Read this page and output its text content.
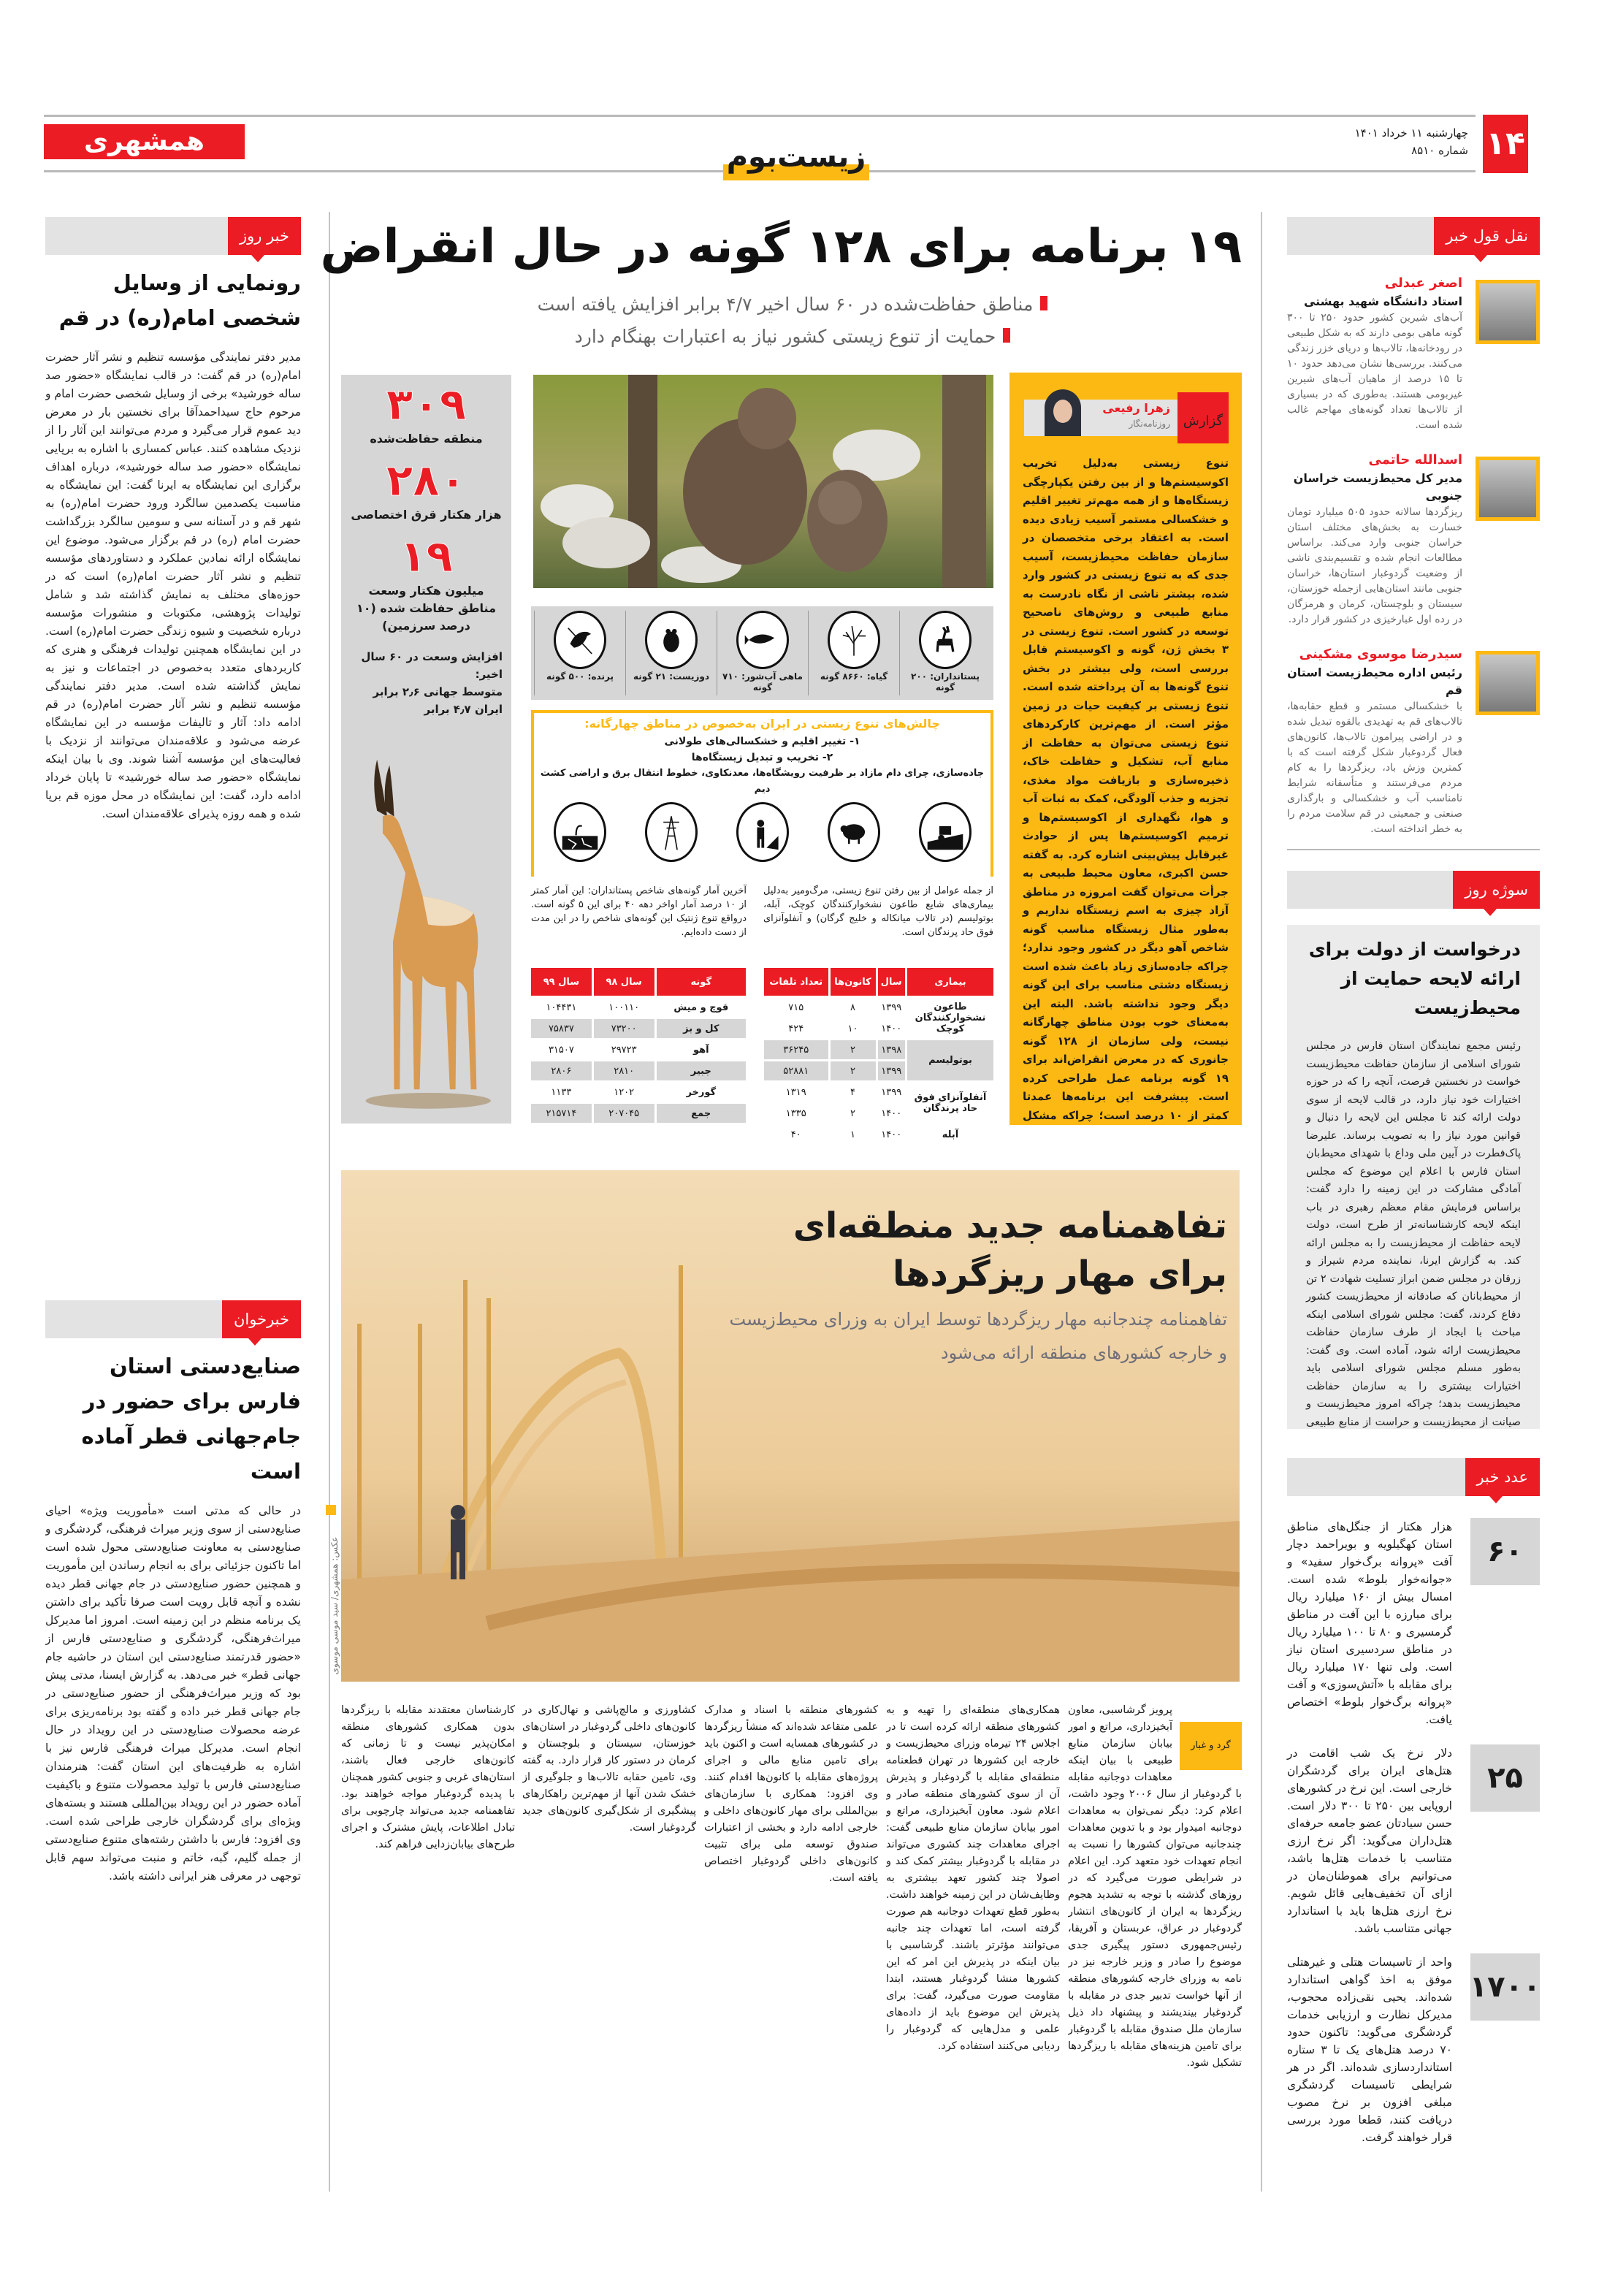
۱۴
چهارشنبه ۱۱ خرداد ۱۴۰۱
شماره ۸۵۱۰
همشهری	زیست‌بوم
۱۹ برنامه برای ۱۲۸ گونه در حال انقراض
مناطق حفاظت‌شده در ۶۰ سال اخیر ۴/۷ برابر افزایش یافته است
حمایت از تنوع زیستی کشور نیاز به اعتبارات بهنگام دارد
۳۰۹
منطقه حفاظت‌شده
۲۸۰
هزار هکتار قرق اختصاصی
۱۹
میلیون هکتار وسعت مناطق حفاظت شده (۱۰ درصد سرزمین)
افزایش وسعت در ۶۰ سال اخیر:
متوسط جهانی ۲٫۶ برابر
ایران ۴٫۷ برابر
پستانداران: ۲۰۰ گونه
گیاه: ۸۶۶۰ گونه
ماهی آب‌شور: ۷۱۰ گونه
دوزیست: ۲۱ گونه
پرنده: ۵۰۰ گونه
چالش‌های تنوع زیستی در ایران به‌خصوص در مناطق چهارگانه:
۱- تغییر اقلیم و خشکسالی‌های طولانی
۲- تخریب و تبدیل زیستگاه‌ها
جاده‌سازی، چرای دام مازاد بر ظرفیت رویشگاه‌ها، معدنکاوی، خطوط انتقال برق و اراضی کشت دیم
از جمله عوامل از بین رفتن تنوع زیستی، مرگ‌ومیر به‌دلیل بیماری‌های شایع طاعون نشخوارکنندگان کوچک، آبله، بوتولیسم (در تالاب میانکاله و خلیج گرگان) و آنفلوآنزای فوق حاد پرندگان است.
آخرین آمار گونه‌های شاخص پستانداران: این آمار کمتر از ۱۰ درصد آمار اواخر دهه ۴۰ برای این ۵ گونه است. درواقع تنوع ژنتیک این گونه‌های شاخص را در این مدت از دست داده‌ایم.
بیماری	سال	کانون‌ها	تعداد تلفات
طاعون نشخوارکنندگان کوچک	۱۳۹۹	۸	۷۱۵
	۱۴۰۰	۱۰	۴۲۴
بوتولیسم	۱۳۹۸	۲	۳۶۲۴۵
	۱۳۹۹	۲	۵۲۸۸۱
آنفلوآنزای فوق حاد پرندگان	۱۳۹۹	۴	۱۳۱۹
	۱۴۰۰	۲	۱۳۳۵
آبله	۱۴۰۰	۱	۴۰
گونه	سال ۹۸	سال ۹۹
قوچ و میش	۱۰۰۱۱۰	۱۰۴۴۳۱
کل و بز	۷۳۲۰۰	۷۵۸۳۷
آهو	۲۹۷۲۳	۳۱۵۰۷
جبیر	۲۸۱۰	۲۸۰۶
گورخر	۱۲۰۲	۱۱۳۳
جمع	۲۰۷۰۴۵	۲۱۵۷۱۴
گزارش
زهرا رفیعی
روزنامه‌نگار
تنوع زیستی به‌دلیل تخریب اکوسیستم‌ها و از بین رفتن یکپارچگی زیستگاه‌ها و از همه مهم‌تر تغییر اقلیم و خشکسالی مستمر آسیب زیادی دیده است. به اعتقاد برخی متخصصان در سازمان حفاظت محیط‌زیست، آسیب جدی که به تنوع زیستی در کشور وارد شده، بیشتر ناشی از نگاه نادرست به منابع طبیعی و روش‌های ناصحیح توسعه در کشور است. تنوع زیستی در ۳ بخش ژن، گونه و اکوسیستم قابل بررسی است، ولی بیشتر در بخش تنوع گونه‌ها به آن پرداخته شده است. تنوع زیستی بر کیفیت حیات در زمین مؤثر است. از مهم‌ترین کارکردهای تنوع زیستی می‌توان به حفاظت از منابع آب، تشکیل و حفاظت خاک، ذخیره‌سازی و بازیافت مواد مغذی، تجزیه و جذب آلودگی، کمک به ثبات آب و هوا، نگهداری از اکوسیستم‌ها و ترمیم اکوسیستم‌ها پس از حوادث غیرقابل پیش‌بینی اشاره کرد. به گفته حسن اکبری، معاون محیط طبیعی به جرأت می‌توان گفت امروزه در مناطق آزاد چیزی به اسم زیستگاه نداریم و به‌طور مثال زیستگاه مناسب گونه شاخص آهو دیگر در کشور وجود ندارد؛ چراکه جاده‌سازی زیاد باعث شده است زیستگاه دشتی مناسب برای این گونه دیگر وجود نداشته باشد. البته این به‌معنای خوب بودن مناطق چهارگانه نیست، ولی سازمان از ۱۲۸ گونه جانوری که در معرض انقراض‌اند برای ۱۹ گونه برنامه عمل طراحی کرده است. پیشرفت این برنامه‌ها عمدتا کمتر از ۱۰ درصد است؛ چراکه مشکل
تفاهمنامه جدید منطقه‌ای
برای مهار ریزگردها
تفاهمنامه چندجانبه مهار ریزگردها توسط ایران به وزرای محیط‌زیست و خارجه کشورهای منطقه ارائه می‌شود
عکس: همشهری/ سید موسی موسوی
گرد و غبار
پرویز گرشاسبی، معاون آبخیزداری، مراتع و امور بیابان سازمان منابع طبیعی با بیان اینکه معاهدات دوجانبه مقابله با گردوغبار از سال ۲۰۰۶ وجود داشت، اعلام کرد: دیگر نمی‌توان به معاهدات دوجانبه امیدوار بود و با تدوین معاهدات چندجانبه می‌توان کشورها را نسبت به انجام تعهدات خود متعهد کرد. این اعلام در شرایطی صورت می‌گیرد که در روزهای گذشته با توجه به تشدید هجوم ریزگردها به ایران از کانون‌های انتشار گردوغبار در عراق، عربستان و آفریقا، رئیس‌جمهوری دستور پیگیری جدی موضوع را صادر و وزیر خارجه نیز در نامه به وزرای خارجه کشورهای منطقه از آنها خواست تدبیر جدی در مقابله با گردوغبار بیندیشند و پیشنهاد داد ذیل سازمان ملل صندوق مقابله با گردوغبار برای تامین هزینه‌های مقابله با ریزگردها تشکیل شود.
همکاری‌های منطقه‌ای را تهیه و به کشورهای منطقه ارائه کرده است تا در اجلاس ۲۴ تیرماه وزرای محیط‌زیست و خارجه این کشورها در تهران قطعنامه منطقه‌ای مقابله با گردوغبار و پذیرش آن از سوی کشورهای منطقه صادر و اعلام شود. معاون آبخیزداری، مراتع و امور بیابان سازمان منابع طبیعی گفت: اجرای معاهدات چند کشوری می‌تواند در مقابله با گردوغبار بیشتر کمک کند و اصولا چند کشور تعهد بیشتری به وظایف‌شان در این زمینه خواهند داشت. به‌طور قطع تعهدات دوجانبه هم صورت گرفته است، اما تعهدات چند جانبه می‌توانند مؤثرتر باشند. گرشاسبی با بیان اینکه در پذیرش این امر که این کشورها منشا گردوغبار هستند، ابتدا مقاومت صورت می‌گیرد، گفت: برای پذیرش این موضوع باید از داده‌های علمی و مدل‌هایی که گردوغبار را ردیابی می‌کنند استفاده کرد.
کشورهای منطقه با اسناد و مدارک علمی متقاعد شده‌اند که منشأ ریزگردها در کشورهای همسایه است و اکنون باید برای تامین منابع مالی و اجرای پروژه‌های مقابله با کانون‌ها اقدام کنند. وی افزود: همکاری با سازمان‌های بین‌المللی برای مهار کانون‌های داخلی و خارجی ادامه دارد و بخشی از اعتبارات صندوق توسعه ملی برای تثبیت کانون‌های داخلی گردوغبار اختصاص یافته است.
کشاورزی و مالچ‌پاشی و نهال‌کاری در کانون‌های داخلی گردوغبار در استان‌های خوزستان، سیستان و بلوچستان و کرمان در دستور کار قرار دارد. به گفته وی، تامین حقابه تالاب‌ها و جلوگیری از خشک شدن آنها از مهم‌ترین راهکارهای پیشگیری از شکل‌گیری کانون‌های جدید گردوغبار است.
کارشناسان معتقدند مقابله با ریزگردها بدون همکاری کشورهای منطقه امکان‌پذیر نیست و تا زمانی که کانون‌های خارجی فعال باشند، استان‌های غربی و جنوبی کشور همچنان با پدیده گردوغبار مواجه خواهند بود. تفاهمنامه جدید می‌تواند چارچوبی برای تبادل اطلاعات، پایش مشترک و اجرای طرح‌های بیابان‌زدایی فراهم کند.
خبر روز
رونمایی از وسایل شخصی امام(ره) در قم
مدیر دفتر نمایندگی مؤسسه تنظیم و نشر آثار حضرت امام(ره) در قم گفت: در قالب نمایشگاه «حضور صد ساله خورشید» برخی از وسایل شخصی حضرت امام و مرحوم حاج سیداحمدآقا برای نخستین بار در معرض دید عموم قرار می‌گیرد و مردم می‌توانند این آثار را از نزدیک مشاهده کنند. عباس کمساری با اشاره به برپایی نمایشگاه «حضور صد ساله خورشید»، درباره اهداف برگزاری این نمایشگاه به ایرنا گفت: این نمایشگاه به مناسبت یکصدمین سالگرد ورود حضرت امام(ره) به شهر قم و در آستانه سی و سومین سالگرد بزرگداشت حضرت امام (ره) در قم برگزار می‌شود. موضوع این نمایشگاه ارائه نمادین عملکرد و دستاوردهای مؤسسه تنظیم و نشر آثار حضرت امام(ره) است که در حوزه‌های مختلف به نمایش گذاشته شد و شامل تولیدات پژوهشی، مکتوبات و منشورات مؤسسه درباره شخصیت و شیوه زندگی حضرت امام(ره) است. در این نمایشگاه همچنین تولیدات فرهنگی و هنری که کاربردهای متعدد به‌خصوص در اجتماعات و نیز به نمایش گذاشته شده است. مدیر دفتر نمایندگی مؤسسه تنظیم و نشر آثار حضرت امام(ره) در قم ادامه داد: آثار و تالیفات مؤسسه در این نمایشگاه عرضه می‌شود و علاقه‌مندان می‌توانند از نزدیک با فعالیت‌های این مؤسسه آشنا شوند. وی با بیان اینکه نمایشگاه «حضور صد ساله خورشید» تا پایان خرداد ادامه دارد، گفت: این نمایشگاه در محل موزه قم برپا شده و همه روزه پذیرای علاقه‌مندان است.
خبرخوان
صنایع‌دستی استان فارس برای حضور در جام‌جهانی قطر آماده است
در حالی که مدتی است «مأموریت ویژه» احیای صنایع‌دستی از سوی وزیر میراث فرهنگی، گردشگری و صنایع‌دستی به معاونت صنایع‌دستی محول شده است اما تاکنون جزئیاتی برای به انجام رساندن این مأموریت و همچنین حضور صنایع‌دستی در جام جهانی قطر دیده نشده و آنچه قابل رویت است صرفا تأکید برای داشتن یک برنامه منظم در این زمینه است. امروز اما مدیرکل میراث‌فرهنگی، گردشگری و صنایع‌دستی فارس از «حضور قدرتمند صنایع‌دستی این استان در حاشیه جام جهانی قطر» خبر می‌دهد. به گزارش ایسنا، مدتی پیش بود که وزیر میراث‌فرهنگی از حضور صنایع‌دستی در جام جهانی قطر خبر داده و گفته بود برنامه‌ریزی برای عرضه محصولات صنایع‌دستی در این رویداد در حال انجام است. مدیرکل میراث فرهنگی فارس نیز با اشاره به ظرفیت‌های این استان گفت: هنرمندان صنایع‌دستی فارس با تولید محصولات متنوع و باکیفیت آماده حضور در این رویداد بین‌المللی هستند و بسته‌های ویژه‌ای برای گردشگران خارجی طراحی شده است. وی افزود: فارس با داشتن رشته‌های متنوع صنایع‌دستی از جمله گلیم، گبه، خاتم و منبت می‌تواند سهم قابل توجهی در معرفی هنر ایرانی داشته باشد.
نقل قول خبر
اصغر عبدلی
استاد دانشگاه شهید بهشتی
آب‌های شیرین کشور حدود ۲۵۰ تا ۳۰۰ گونه ماهی بومی دارند که به شکل طبیعی در رودخانه‌ها، تالاب‌ها و دریای خزر زندگی می‌کنند. بررسی‌ها نشان می‌دهد حدود ۱۰ تا ۱۵ درصد از ماهیان آب‌های شیرین غیربومی هستند. به‌طوری که در بسیاری از تالاب‌ها تعداد گونه‌های مهاجم غالب شده است.
اسدالله حاتمی
مدیر کل محیط‌زیست خراسان جنوبی
ریزگردها سالانه حدود ۵۰۵ میلیارد تومان خسارت به بخش‌های مختلف استان خراسان جنوبی وارد می‌کند. براساس مطالعات انجام شده و تقسیم‌بندی ناشی از وضعیت گردوغبار استان‌ها، خراسان جنوبی مانند استان‌هایی ازجمله خوزستان، سیستان و بلوچستان، کرمان و هرمزگان در رده اول غبارخیزی در کشور قرار دارد.
سیدرضا موسوی مشکینی
رئیس اداره محیط‌زیست استان قم
با خشکسالی مستمر و قطع حقابه‌ها، تالاب‌های قم به تهدیدی بالقوه تبدیل شده و در اراضی پیرامون تالاب‌ها، کانون‌های فعال گردوغبار شکل گرفته است که با کمترین وزش باد، ریزگردها را به کام مردم می‌فرستند و متأسفانه شرایط نامناسب آب و خشکسالی و بارگذاری صنعتی و جمعیتی در قم سلامت مردم را به خطر انداخته است.
سوژه روز
درخواست از دولت برای ارائه لایحه حمایت از محیط‌زیست
رئیس مجمع نمایندگان استان فارس در مجلس شورای اسلامی از سازمان حفاظت محیط‌زیست خواست در نخستین فرصت، آنچه را که در حوزه اختیارات خود نیاز دارد، در قالب لایحه از سوی دولت ارائه کند تا مجلس این لایحه را دنبال و قوانین مورد نیاز را به تصویب برساند. علیرضا پاک‌فطرت در آیین ملی وداع با شهدای محیط‌بان استان فارس با اعلام این موضوع که مجلس آمادگی مشارکت در این زمینه را دارد گفت: براساس فرمایش مقام معظم رهبری در باب اینکه لایحه کارشناسانه‌تر از طرح است، دولت لایحه حفاظت از محیط‌زیست را به مجلس ارائه کند. به گزارش ایرنا، نماینده مردم شیراز و زرقان در مجلس ضمن ابراز تسلیت شهادت ۲ تن از محیط‌بانان که صادقانه از محیط‌زیست کشور دفاع کردند، گفت: مجلس شورای اسلامی اینکه مباحث با ایجاد از طرف سازمان حفاظت محیط‌زیست ارائه شود، آماده است. وی گفت: به‌طور مسلم مجلس شورای اسلامی باید اختیارات بیشتری را به سازمان حفاظت محیط‌زیست بدهد؛ چراکه امروز محیط‌زیست و صیانت از محیط‌زیست و حراست از منابع طبیعی
عدد خبر
۶۰
هزار هکتار از جنگل‌های مناطق استان کهگیلویه و بویراحمد دچار آفت «پروانه برگ‌خوار سفید» و «جوانه‌خوار بلوط» شده است. امسال بیش از ۱۶۰ میلیارد ریال برای مبارزه با این آفت در مناطق گرمسیری و ۸۰ تا ۱۰۰ میلیارد ریال در مناطق سردسیری استان نیاز است. ولی تنها ۱۷۰ میلیارد ریال برای مقابله با «آتش‌سوزی» و آفت «پروانه برگ‌خوار بلوط» اختصاص یافت.
۲۵
دلار نرخ یک شب اقامت در هتل‌های ایران برای گردشگران خارجی است. این نرخ در کشورهای اروپایی بین ۲۵۰ تا ۳۰۰ دلار است. حسن سیادتان عضو جامعه حرفه‌ای هتل‌داران می‌گوید: اگر نرخ ارزی متناسب با خدمات هتل‌ها باشد، می‌توانیم برای هموطنان‌مان در ازای آن تخفیف‌هایی قائل شویم. نرخ ارزی هتل‌ها باید با استاندارد جهانی متناسب باشد.
۱۷۰۰
واحد از تاسیسات هتلی و غیرهتلی موفق به اخذ گواهی استاندارد شده‌اند. یحیی نقی‌زاده محجوب، مدیرکل نظارت و ارزیابی خدمات گردشگری می‌گوید: تاکنون حدود ۷۰ درصد هتل‌های یک تا ۳ ستاره استانداردسازی شده‌اند. اگر در هر شرایطی تاسیسات گردشگری مبلغی افزون بر نرخ مصوب دریافت کنند، قطعا مورد بررسی قرار خواهند گرفت.
